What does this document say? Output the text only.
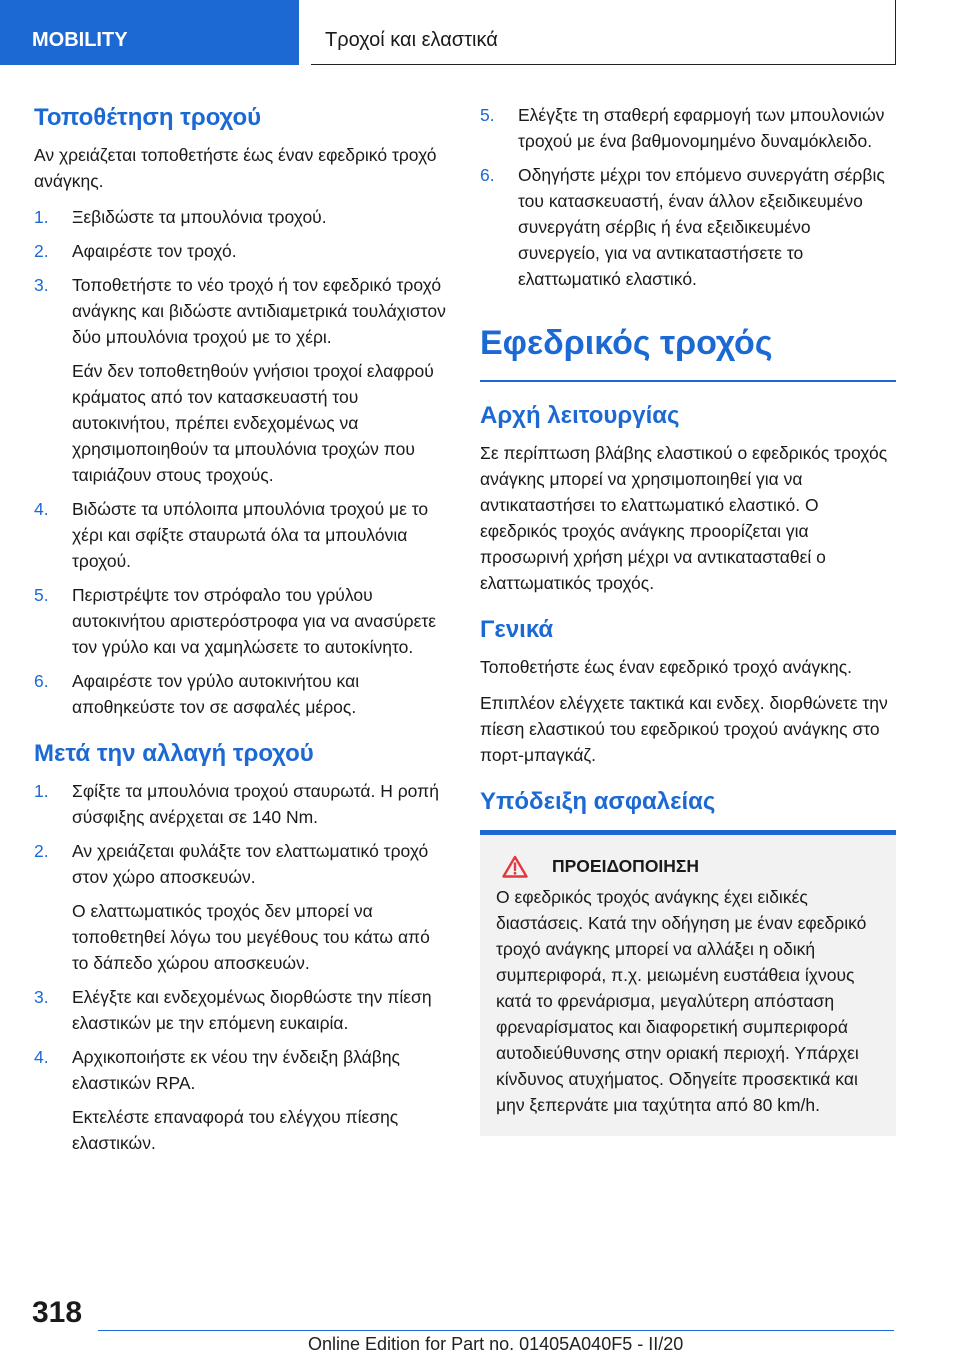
MOBILITY	Τροχοί και ελαστικά
Τοποθέτηση τροχού

Αν χρειάζεται τοποθετήστε έως έναν εφεδρικό τροχό ανάγκης.

1. Ξεβιδώστε τα μπουλόνια τροχού.
2. Αφαιρέστε τον τροχό.
3. Τοποθετήστε το νέο τροχό ή τον εφεδρικό τροχό ανάγκης και βιδώστε αντιδιαμετρικά τουλάχιστον δύο μπουλόνια τροχού με το χέρι.
Εάν δεν τοποθετηθούν γνήσιοι τροχοί ελαφρού κράματος από τον κατασκευαστή του αυτοκινήτου, πρέπει ενδεχομένως να χρησιμοποιηθούν τα μπουλόνια τροχών που ταιριάζουν στους τροχούς.
4. Βιδώστε τα υπόλοιπα μπουλόνια τροχού με το χέρι και σφίξτε σταυρωτά όλα τα μπουλόνια τροχού.
5. Περιστρέψτε τον στρόφαλο του γρύλου αυτοκινήτου αριστερόστροφα για να ανασύρετε τον γρύλο και να χαμηλώσετε το αυτοκίνητο.
6. Αφαιρέστε τον γρύλο αυτοκινήτου και αποθηκεύστε τον σε ασφαλές μέρος.
Μετά την αλλαγή τροχού
1. Σφίξτε τα μπουλόνια τροχού σταυρωτά. Η ροπή σύσφιξης ανέρχεται σε 140 Nm.
2. Αν χρειάζεται φυλάξτε τον ελαττωματικό τροχό στον χώρο αποσκευών.
Ο ελαττωματικός τροχός δεν μπορεί να τοποθετηθεί λόγω του μεγέθους του κάτω από το δάπεδο χώρου αποσκευών.
3. Ελέγξτε και ενδεχομένως διορθώστε την πίεση ελαστικών με την επόμενη ευκαιρία.
4. Αρχικοποιήστε εκ νέου την ένδειξη βλάβης ελαστικών RPA.
Εκτελέστε επαναφορά του ελέγχου πίεσης ελαστικών.
5. Ελέγξτε τη σταθερή εφαρμογή των μπουλονιών τροχού με ένα βαθμονομημένο δυναμόκλειδο.
6. Οδηγήστε μέχρι τον επόμενο συνεργάτη σέρβις του κατασκευαστή, έναν άλλον εξειδικευμένο συνεργάτη σέρβις ή ένα εξειδικευμένο συνεργείο, για να αντικαταστήσετε το ελαττωματικό ελαστικό.
Εφεδρικός τροχός
Αρχή λειτουργίας

Σε περίπτωση βλάβης ελαστικού ο εφεδρικός τροχός ανάγκης μπορεί να χρησιμοποιηθεί για να αντικαταστήσει το ελαττωματικό ελαστικό. Ο εφεδρικός τροχός ανάγκης προορίζεται για προσωρινή χρήση μέχρι να αντικατασταθεί ο ελαττωματικός τροχός.

Γενικά

Τοποθετήστε έως έναν εφεδρικό τροχό ανάγκης.

Επιπλέον ελέγχετε τακτικά και ενδεχ. διορθώνετε την πίεση ελαστικού του εφεδρικού τροχού ανάγκης στο πορτ-μπαγκάζ.

Υπόδειξη ασφαλείας
ΠΡΟΕΙΔΟΠΟΙΗΣΗ

Ο εφεδρικός τροχός ανάγκης έχει ειδικές διαστάσεις. Κατά την οδήγηση με έναν εφεδρικό τροχό ανάγκης μπορεί να αλλάξει η οδική συμπεριφορά, π.χ. μειωμένη ευστάθεια ίχνους κατά το φρενάρισμα, μεγαλύτερη απόσταση φρεναρίσματος και διαφορετική συμπεριφορά αυτοδιεύθυνσης στην οριακή περιοχή. Υπάρχει κίνδυνος ατυχήματος. Οδηγείτε προσεκτικά και μην ξεπερνάτε μια ταχύτητα από 80 km/h.

318
Online Edition for Part no. 01405A040F5 - II/20
